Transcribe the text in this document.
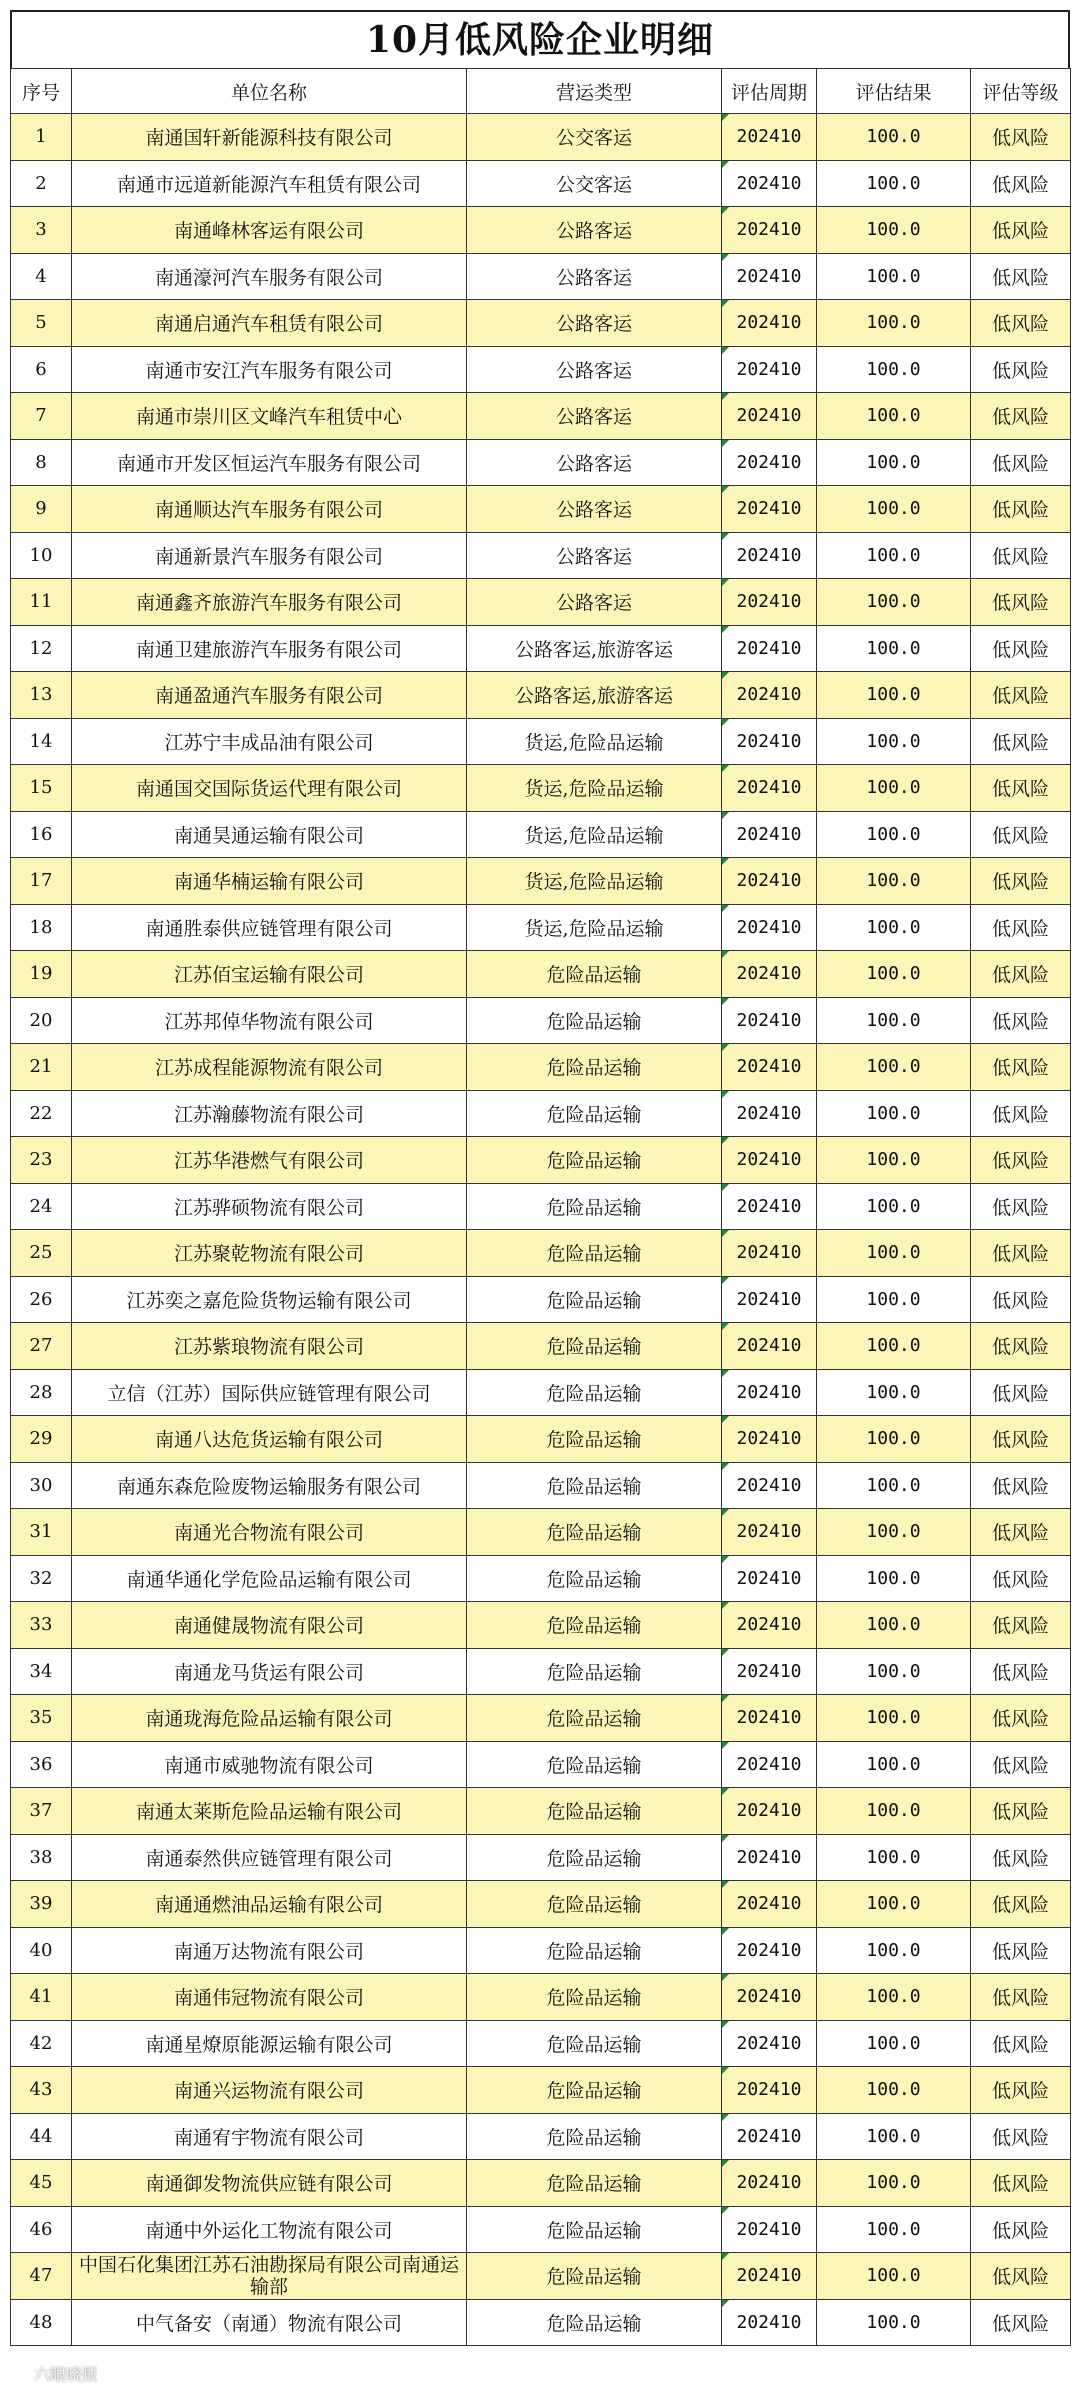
10月低风险企业明细
序号	单位名称	营运类型	评估周期	评估结果	评估等级
1	南通国轩新能源科技有限公司	公交客运	202410	100.0	低风险
2	南通市远道新能源汽车租赁有限公司	公交客运	202410	100.0	低风险
3	南通峰林客运有限公司	公路客运	202410	100.0	低风险
4	南通濠河汽车服务有限公司	公路客运	202410	100.0	低风险
5	南通启通汽车租赁有限公司	公路客运	202410	100.0	低风险
6	南通市安江汽车服务有限公司	公路客运	202410	100.0	低风险
7	南通市崇川区文峰汽车租赁中心	公路客运	202410	100.0	低风险
8	南通市开发区恒运汽车服务有限公司	公路客运	202410	100.0	低风险
9	南通顺达汽车服务有限公司	公路客运	202410	100.0	低风险
10	南通新景汽车服务有限公司	公路客运	202410	100.0	低风险
11	南通鑫齐旅游汽车服务有限公司	公路客运	202410	100.0	低风险
12	南通卫建旅游汽车服务有限公司	公路客运,旅游客运	202410	100.0	低风险
13	南通盈通汽车服务有限公司	公路客运,旅游客运	202410	100.0	低风险
14	江苏宁丰成品油有限公司	货运,危险品运输	202410	100.0	低风险
15	南通国交国际货运代理有限公司	货运,危险品运输	202410	100.0	低风险
16	南通昊通运输有限公司	货运,危险品运输	202410	100.0	低风险
17	南通华楠运输有限公司	货运,危险品运输	202410	100.0	低风险
18	南通胜泰供应链管理有限公司	货运,危险品运输	202410	100.0	低风险
19	江苏佰宝运输有限公司	危险品运输	202410	100.0	低风险
20	江苏邦倬华物流有限公司	危险品运输	202410	100.0	低风险
21	江苏成程能源物流有限公司	危险品运输	202410	100.0	低风险
22	江苏瀚藤物流有限公司	危险品运输	202410	100.0	低风险
23	江苏华港燃气有限公司	危险品运输	202410	100.0	低风险
24	江苏骅硕物流有限公司	危险品运输	202410	100.0	低风险
25	江苏聚乾物流有限公司	危险品运输	202410	100.0	低风险
26	江苏奕之嘉危险货物运输有限公司	危险品运输	202410	100.0	低风险
27	江苏紫琅物流有限公司	危险品运输	202410	100.0	低风险
28	立信（江苏）国际供应链管理有限公司	危险品运输	202410	100.0	低风险
29	南通八达危货运输有限公司	危险品运输	202410	100.0	低风险
30	南通东森危险废物运输服务有限公司	危险品运输	202410	100.0	低风险
31	南通光合物流有限公司	危险品运输	202410	100.0	低风险
32	南通华通化学危险品运输有限公司	危险品运输	202410	100.0	低风险
33	南通健晟物流有限公司	危险品运输	202410	100.0	低风险
34	南通龙马货运有限公司	危险品运输	202410	100.0	低风险
35	南通珑海危险品运输有限公司	危险品运输	202410	100.0	低风险
36	南通市威驰物流有限公司	危险品运输	202410	100.0	低风险
37	南通太莱斯危险品运输有限公司	危险品运输	202410	100.0	低风险
38	南通泰然供应链管理有限公司	危险品运输	202410	100.0	低风险
39	南通通燃油品运输有限公司	危险品运输	202410	100.0	低风险
40	南通万达物流有限公司	危险品运输	202410	100.0	低风险
41	南通伟冠物流有限公司	危险品运输	202410	100.0	低风险
42	南通星燎原能源运输有限公司	危险品运输	202410	100.0	低风险
43	南通兴运物流有限公司	危险品运输	202410	100.0	低风险
44	南通宥宇物流有限公司	危险品运输	202410	100.0	低风险
45	南通御发物流供应链有限公司	危险品运输	202410	100.0	低风险
46	南通中外运化工物流有限公司	危险品运输	202410	100.0	低风险
47	中国石化集团江苏石油勘探局有限公司南通运输部	危险品运输	202410	100.0	低风险
48	中气备安（南通）物流有限公司	危险品运输	202410	100.0	低风险
六眼晓报
